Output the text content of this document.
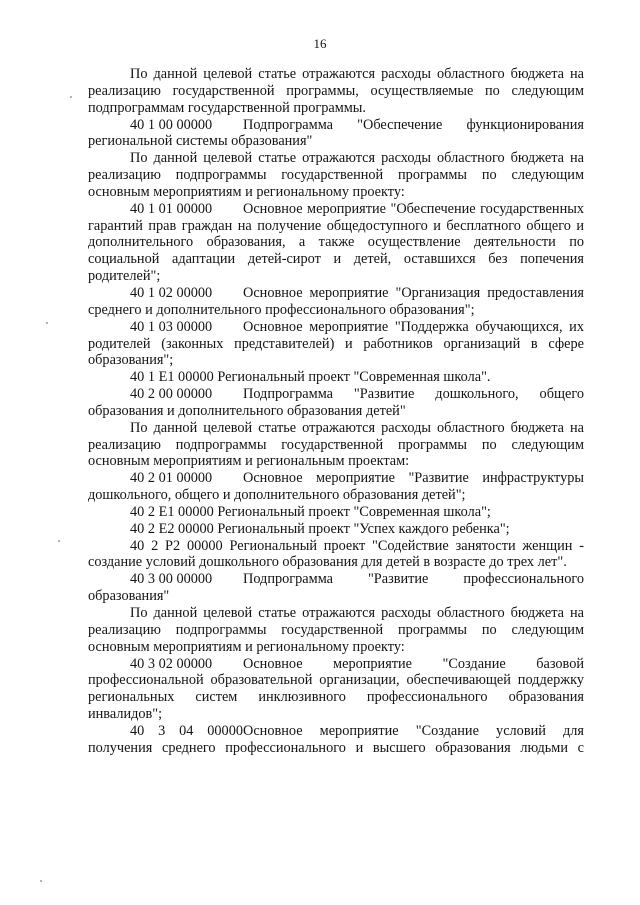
16

По данной целевой статье отражаются расходы областного бюджета на реализацию государственной программы, осуществляемые по следующим подпрограммам государственной программы.

40 1 00 00000 Подпрограмма "Обеспечение функционирования региональной системы образования"

По данной целевой статье отражаются расходы областного бюджета на реализацию подпрограммы государственной программы по следующим основным мероприятиям и региональному проекту:

40 1 01 00000 Основное мероприятие "Обеспечение государственных гарантий прав граждан на получение общедоступного и бесплатного общего и дополнительного образования, а также осуществление деятельности по социальной адаптации детей-сирот и детей, оставшихся без попечения родителей";

40 1 02 00000 Основное мероприятие "Организация предоставления среднего и дополнительного профессионального образования";

40 1 03 00000 Основное мероприятие "Поддержка обучающихся, их родителей (законных представителей) и работников организаций в сфере образования";

40 1 E1 00000 Региональный проект "Современная школа".

40 2 00 00000 Подпрограмма "Развитие дошкольного, общего образования и дополнительного образования детей"

По данной целевой статье отражаются расходы областного бюджета на реализацию подпрограммы государственной программы по следующим основным мероприятиям и региональным проектам:

40 2 01 00000 Основное мероприятие "Развитие инфраструктуры дошкольного, общего и дополнительного образования детей";

40 2 E1 00000 Региональный проект "Современная школа";

40 2 E2 00000 Региональный проект "Успех каждого ребенка";

40 2 P2 00000 Региональный проект "Содействие занятости женщин - создание условий дошкольного образования для детей в возрасте до трех лет".

40 3 00 00000 Подпрограмма "Развитие профессионального образования"

По данной целевой статье отражаются расходы областного бюджета на реализацию подпрограммы государственной программы по следующим основным мероприятиям и региональному проекту:

40 3 02 00000 Основное мероприятие "Создание базовой профессиональной образовательной организации, обеспечивающей поддержку региональных систем инклюзивного профессионального образования инвалидов";

40 3 04 00000Основное мероприятие "Создание условий для получения среднего профессионального и высшего образования людьми с
